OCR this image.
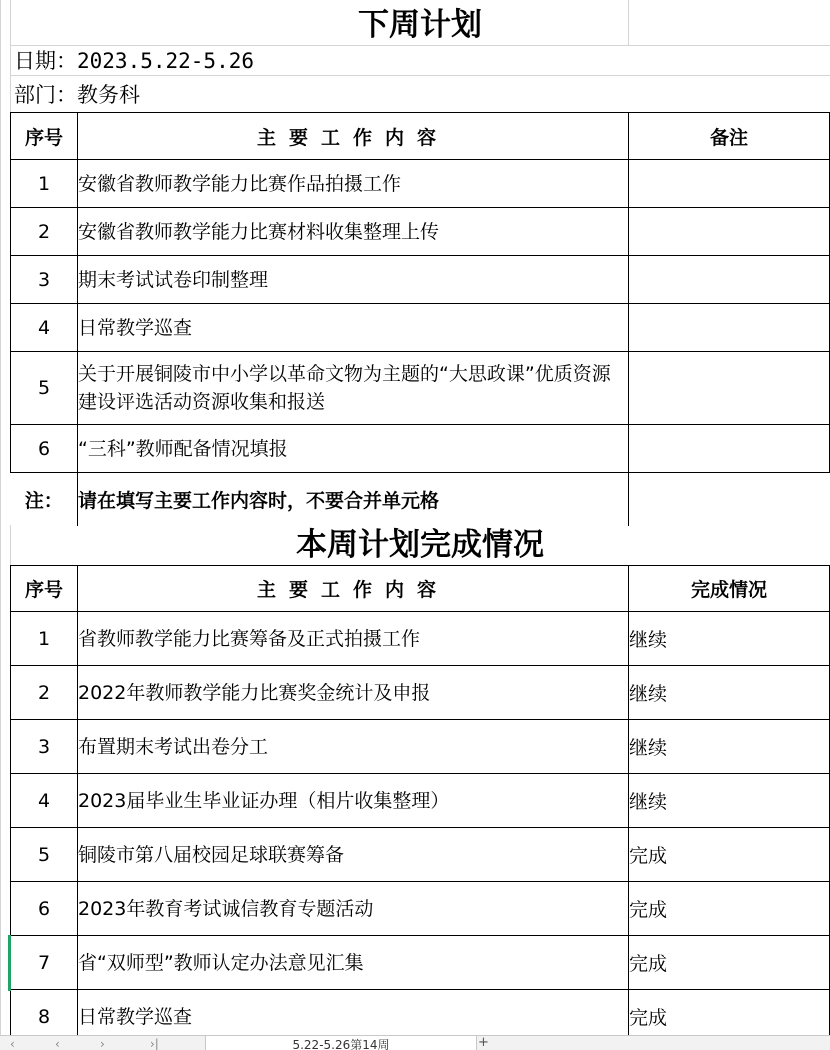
下周计划
日期：2023.5.22-5.26
部门：教务科
序号	主要工作内容	备注
1	安徽省教师教学能力比赛作品拍摄工作	
2	安徽省教师教学能力比赛材料收集整理上传	
3	期末考试试卷印制整理	
4	日常教学巡查	
5	关于开展铜陵市中小学以革命文物为主题的“大思政课”优质资源建设评选活动资源收集和报送	
6	“三科”教师配备情况填报	
注：	请在填写主要工作内容时，不要合并单元格	
本周计划完成情况
序号	主要工作内容	完成情况
1	省教师教学能力比赛筹备及正式拍摄工作	继续
2	2022年教师教学能力比赛奖金统计及申报	继续
3	布置期末考试出卷分工	继续
4	2023届毕业生毕业证办理（相片收集整理）	继续
5	铜陵市第八届校园足球联赛筹备	完成
6	2023年教育考试诚信教育专题活动	完成
7	省“双师型”教师认定办法意见汇集	完成
8	日常教学巡查	完成
‹	‹	›	›|	5.22-5.26第14周	+
